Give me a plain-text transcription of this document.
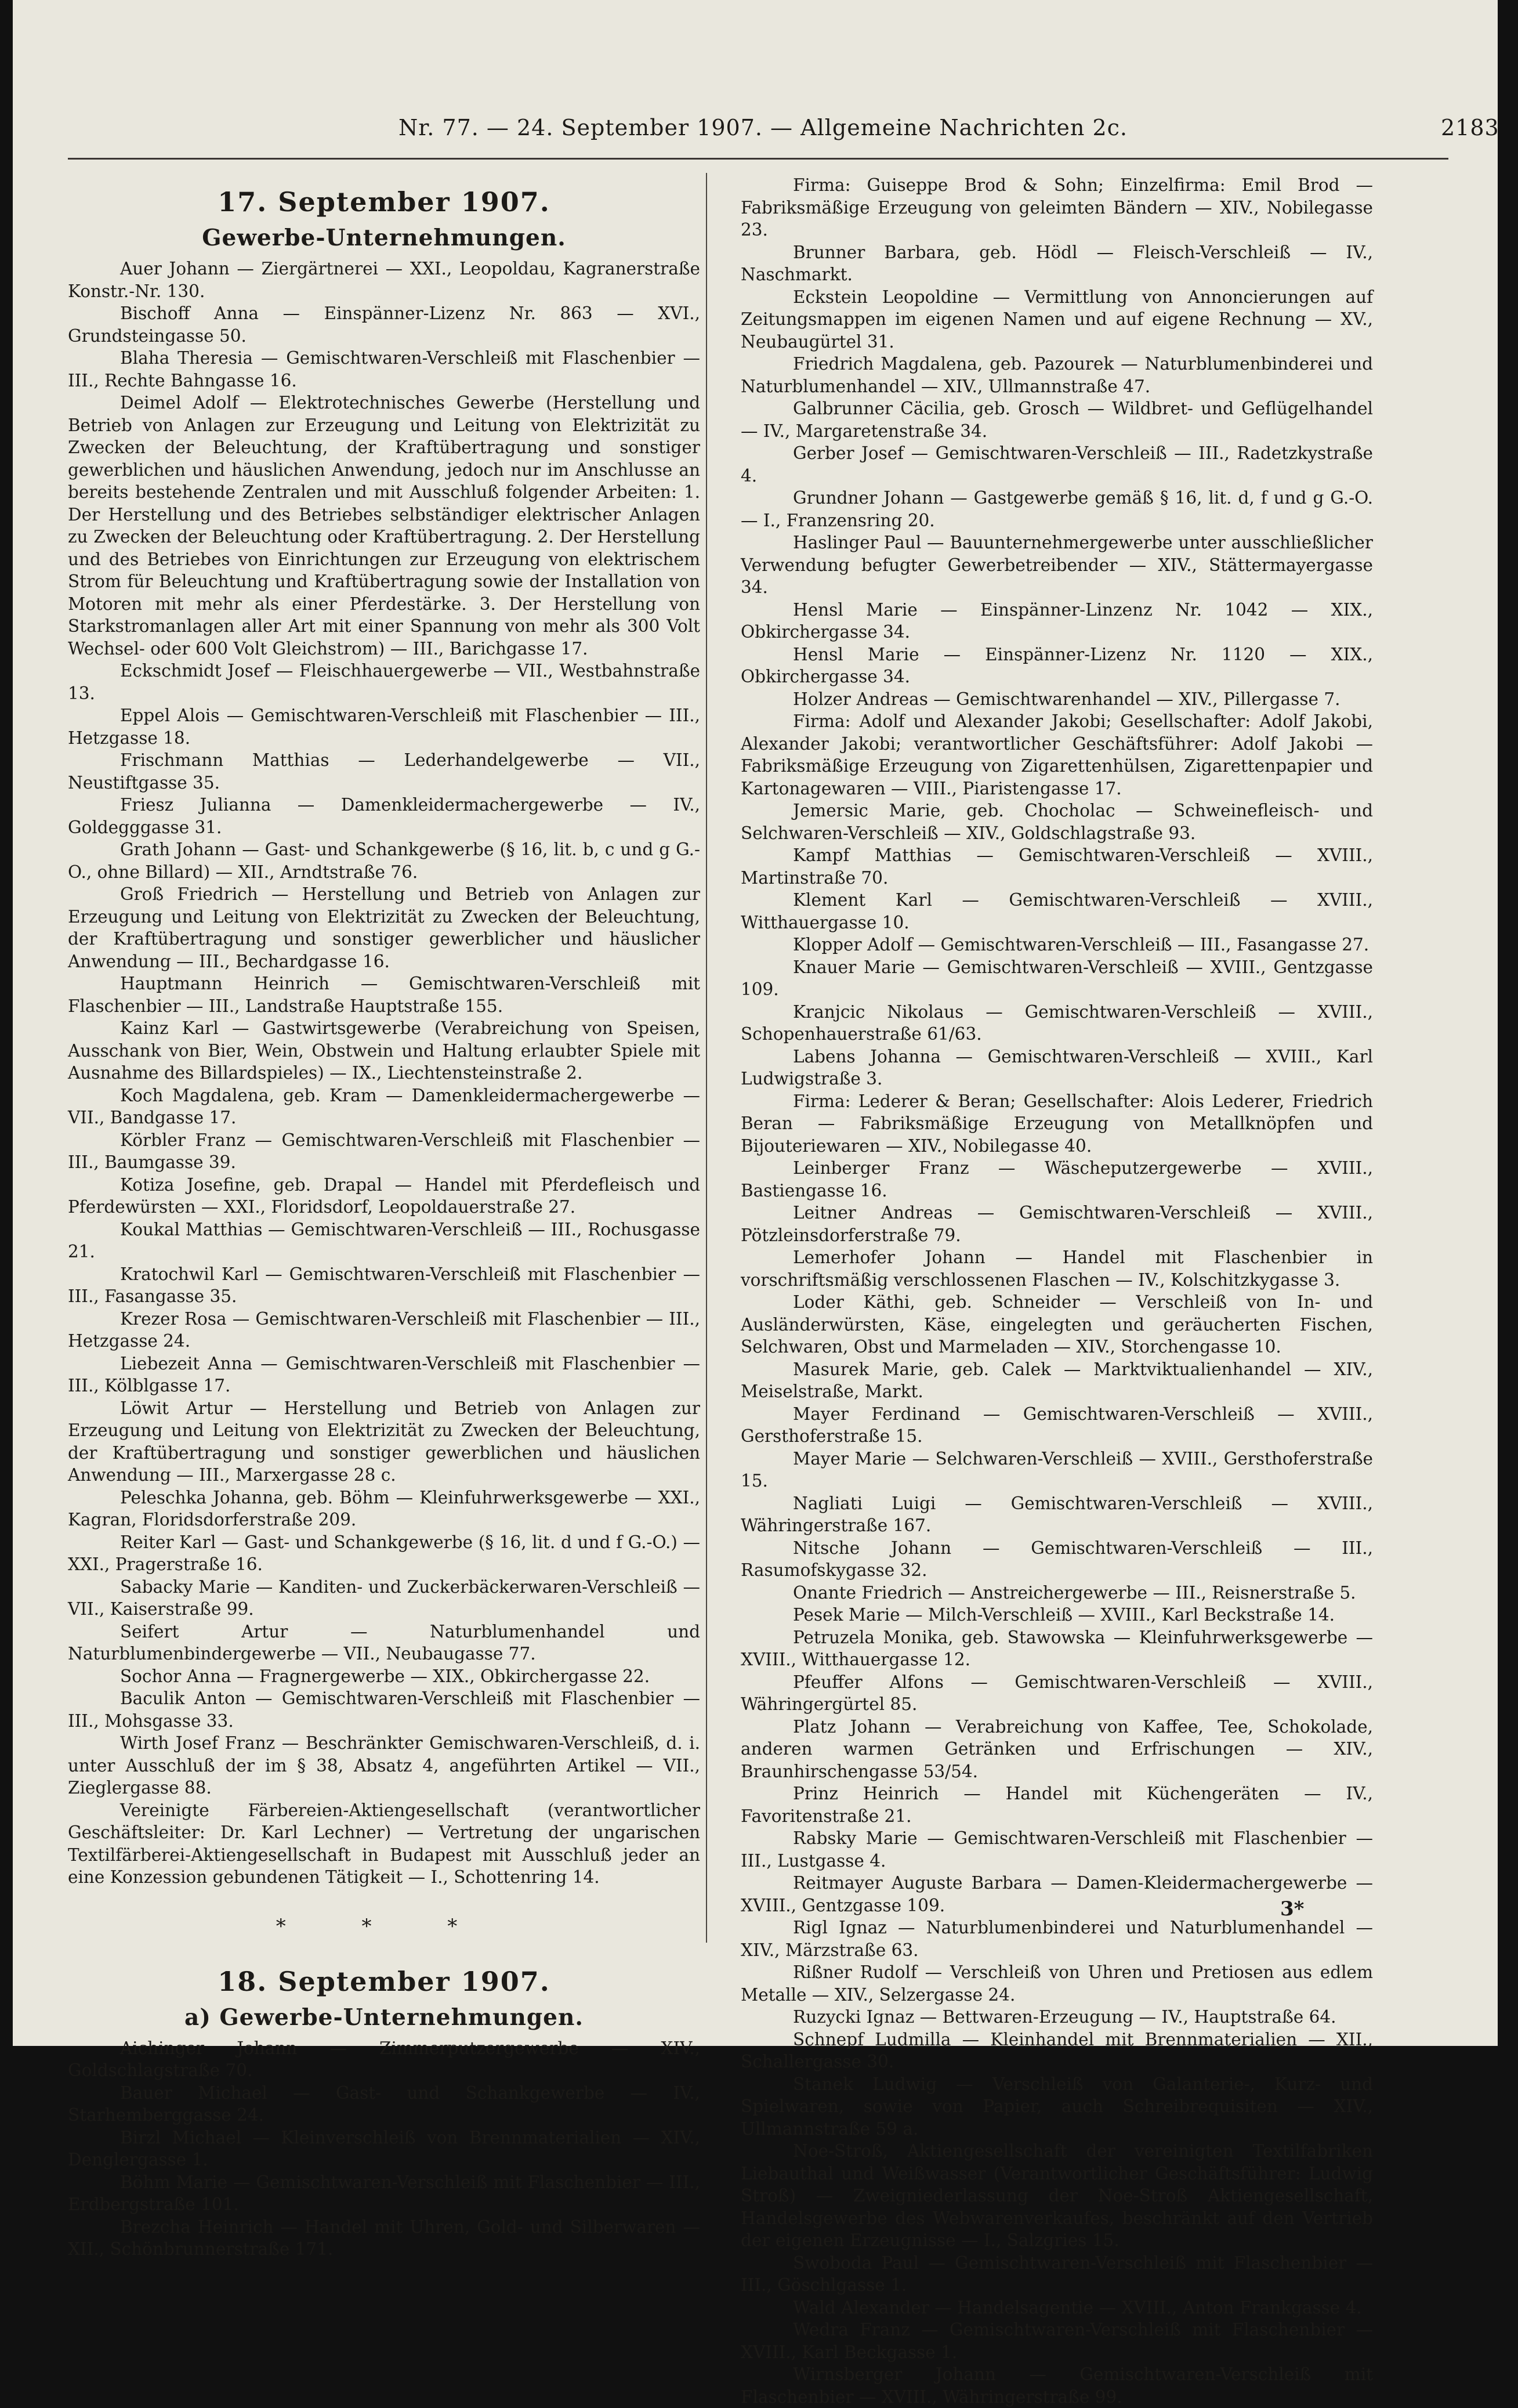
Nr. 77. — 24. September 1907. — Allgemeine Nachrichten 2c.	2183
17. September 1907.
Gewerbe-Unternehmungen.

Auer Johann — Ziergärtnerei — XXI., Leopoldau, Kagranerstraße Konstr.-Nr. 130.

Bischoff Anna — Einspänner-Lizenz Nr. 863 — XVI., Grundsteingasse 50.

Blaha Theresia — Gemischtwaren-Verschleiß mit Flaschenbier — III., Rechte Bahngasse 16.

Deimel Adolf — Elektrotechnisches Gewerbe (Herstellung und Betrieb von Anlagen zur Erzeugung und Leitung von Elektrizität zu Zwecken der Beleuchtung, der Kraftübertragung und sonstiger gewerblichen und häuslichen Anwendung, jedoch nur im Anschlusse an bereits bestehende Zentralen und mit Ausschluß folgender Arbeiten: 1. Der Herstellung und des Betriebes selbständiger elektrischer Anlagen zu Zwecken der Beleuchtung oder Kraftübertragung. 2. Der Herstellung und des Betriebes von Einrichtungen zur Erzeugung von elektrischem Strom für Beleuchtung und Kraftübertragung sowie der Installation von Motoren mit mehr als einer Pferdestärke. 3. Der Herstellung von Starkstromanlagen aller Art mit einer Spannung von mehr als 300 Volt Wechsel- oder 600 Volt Gleichstrom) — III., Barichgasse 17.

Eckschmidt Josef — Fleischhauergewerbe — VII., Westbahnstraße 13.

Eppel Alois — Gemischtwaren-Verschleiß mit Flaschenbier — III., Hetzgasse 18.

Frischmann Matthias — Lederhandelgewerbe — VII., Neustiftgasse 35.

Friesz Julianna — Damenkleidermachergewerbe — IV., Goldegggasse 31.

Grath Johann — Gast- und Schankgewerbe (§ 16, lit. b, c und g G.-O., ohne Billard) — XII., Arndtstraße 76.

Groß Friedrich — Herstellung und Betrieb von Anlagen zur Erzeugung und Leitung von Elektrizität zu Zwecken der Beleuchtung, der Kraftübertragung und sonstiger gewerblicher und häuslicher Anwendung — III., Bechardgasse 16.

Hauptmann Heinrich — Gemischtwaren-Verschleiß mit Flaschenbier — III., Landstraße Hauptstraße 155.

Kainz Karl — Gastwirtsgewerbe (Verabreichung von Speisen, Ausschank von Bier, Wein, Obstwein und Haltung erlaubter Spiele mit Ausnahme des Billardspieles) — IX., Liechtensteinstraße 2.

Koch Magdalena, geb. Kram — Damenkleidermachergewerbe — VII., Bandgasse 17.

Körbler Franz — Gemischtwaren-Verschleiß mit Flaschenbier — III., Baumgasse 39.

Kotiza Josefine, geb. Drapal — Handel mit Pferdefleisch und Pferdewürsten — XXI., Floridsdorf, Leopoldauerstraße 27.

Koukal Matthias — Gemischtwaren-Verschleiß — III., Rochusgasse 21.

Kratochwil Karl — Gemischtwaren-Verschleiß mit Flaschenbier — III., Fasangasse 35.

Krezer Rosa — Gemischtwaren-Verschleiß mit Flaschenbier — III., Hetzgasse 24.

Liebezeit Anna — Gemischtwaren-Verschleiß mit Flaschenbier — III., Kölblgasse 17.

Löwit Artur — Herstellung und Betrieb von Anlagen zur Erzeugung und Leitung von Elektrizität zu Zwecken der Beleuchtung, der Kraftübertragung und sonstiger gewerblichen und häuslichen Anwendung — III., Marxergasse 28 c.

Peleschka Johanna, geb. Böhm — Kleinfuhrwerksgewerbe — XXI., Kagran, Floridsdorferstraße 209.

Reiter Karl — Gast- und Schankgewerbe (§ 16, lit. d und f G.-O.) — XXI., Pragerstraße 16.

Sabacky Marie — Kanditen- und Zuckerbäckerwaren-Verschleiß — VII., Kaiserstraße 99.

Seifert Artur — Naturblumenhandel und Naturblumenbindergewerbe — VII., Neubaugasse 77.

Sochor Anna — Fragnergewerbe — XIX., Obkirchergasse 22.

Baculik Anton — Gemischtwaren-Verschleiß mit Flaschenbier — III., Mohsgasse 33.

Wirth Josef Franz — Beschränkter Gemischwaren-Verschleiß, d. i. unter Ausschluß der im § 38, Absatz 4, angeführten Artikel — VII., Zieglergasse 88.

Vereinigte Färbereien-Aktiengesellschaft (verantwortlicher Geschäftsleiter: Dr. Karl Lechner) — Vertretung der ungarischen Textilfärberei-Aktiengesellschaft in Budapest mit Ausschluß jeder an eine Konzession gebundenen Tätigkeit — I., Schottenring 14.

* * *
18. September 1907.
a) Gewerbe-Unternehmungen.

Aichinger Johann — Zimmerputzergewerbe — XIV., Goldschlagstraße 70.

Bauer Michael — Gast- und Schankgewerbe — IV., Starhemberggasse 24.

Birzl Michael — Kleinverschleiß von Brennmaterialien — XIV., Denglergasse 1.

Böhm Marie — Gemischtwaren-Verschleiß mit Flaschenbier — III., Erdbergstraße 101.

Brezcha Heinrich — Handel mit Uhren, Gold- und Silberwaren — XII., Schönbrunnerstraße 171.

Firma: Guiseppe Brod & Sohn; Einzelfirma: Emil Brod — Fabriksmäßige Erzeugung von geleimten Bändern — XIV., Nobilegasse 23.

Brunner Barbara, geb. Hödl — Fleisch-Verschleiß — IV., Naschmarkt.

Eckstein Leopoldine — Vermittlung von Annoncierungen auf Zeitungsmappen im eigenen Namen und auf eigene Rechnung — XV., Neubaugürtel 31.

Friedrich Magdalena, geb. Pazourek — Naturblumenbinderei und Naturblumenhandel — XIV., Ullmannstraße 47.

Galbrunner Cäcilia, geb. Grosch — Wildbret- und Geflügelhandel — IV., Margaretenstraße 34.

Gerber Josef — Gemischtwaren-Verschleiß — III., Radetzkystraße 4.

Grundner Johann — Gastgewerbe gemäß § 16, lit. d, f und g G.-O. — I., Franzensring 20.

Haslinger Paul — Bauunternehmergewerbe unter ausschließlicher Verwendung befugter Gewerbetreibender — XIV., Stättermayergasse 34.

Hensl Marie — Einspänner-Linzenz Nr. 1042 — XIX., Obkirchergasse 34.

Hensl Marie — Einspänner-Lizenz Nr. 1120 — XIX., Obkirchergasse 34.

Holzer Andreas — Gemischtwarenhandel — XIV., Pillergasse 7.

Firma: Adolf und Alexander Jakobi; Gesellschafter: Adolf Jakobi, Alexander Jakobi; verantwortlicher Geschäftsführer: Adolf Jakobi — Fabriksmäßige Erzeugung von Zigarettenhülsen, Zigarettenpapier und Kartonagewaren — VIII., Piaristengasse 17.

Jemersic Marie, geb. Chocholac — Schweinefleisch- und Selchwaren-Verschleiß — XIV., Goldschlagstraße 93.

Kampf Matthias — Gemischtwaren-Verschleiß — XVIII., Martinstraße 70.

Klement Karl — Gemischtwaren-Verschleiß — XVIII., Witthauergasse 10.

Klopper Adolf — Gemischtwaren-Verschleiß — III., Fasangasse 27.

Knauer Marie — Gemischtwaren-Verschleiß — XVIII., Gentzgasse 109.

Kranjcic Nikolaus — Gemischtwaren-Verschleiß — XVIII., Schopenhauerstraße 61/63.

Labens Johanna — Gemischtwaren-Verschleiß — XVIII., Karl Ludwigstraße 3.

Firma: Lederer & Beran; Gesellschafter: Alois Lederer, Friedrich Beran — Fabriksmäßige Erzeugung von Metallknöpfen und Bijouteriewaren — XIV., Nobilegasse 40.

Leinberger Franz — Wäscheputzergewerbe — XVIII., Bastiengasse 16.

Leitner Andreas — Gemischtwaren-Verschleiß — XVIII., Pötzleinsdorferstraße 79.

Lemerhofer Johann — Handel mit Flaschenbier in vorschriftsmäßig verschlossenen Flaschen — IV., Kolschitzkygasse 3.

Loder Käthi, geb. Schneider — Verschleiß von In- und Ausländerwürsten, Käse, eingelegten und geräucherten Fischen, Selchwaren, Obst und Marmeladen — XIV., Storchengasse 10.

Masurek Marie, geb. Calek — Marktviktualienhandel — XIV., Meiselstraße, Markt.

Mayer Ferdinand — Gemischtwaren-Verschleiß — XVIII., Gersthoferstraße 15.

Mayer Marie — Selchwaren-Verschleiß — XVIII., Gersthoferstraße 15.

Nagliati Luigi — Gemischtwaren-Verschleiß — XVIII., Währingerstraße 167.

Nitsche Johann — Gemischtwaren-Verschleiß — III., Rasumofskygasse 32.

Onante Friedrich — Anstreichergewerbe — III., Reisnerstraße 5.

Pesek Marie — Milch-Verschleiß — XVIII., Karl Beckstraße 14.

Petruzela Monika, geb. Stawowska — Kleinfuhrwerksgewerbe — XVIII., Witthauergasse 12.

Pfeuffer Alfons — Gemischtwaren-Verschleiß — XVIII., Währingergürtel 85.

Platz Johann — Verabreichung von Kaffee, Tee, Schokolade, anderen warmen Getränken und Erfrischungen — XIV., Braunhirschengasse 53/54.

Prinz Heinrich — Handel mit Küchengeräten — IV., Favoritenstraße 21.

Rabsky Marie — Gemischtwaren-Verschleiß mit Flaschenbier — III., Lustgasse 4.

Reitmayer Auguste Barbara — Damen-Kleidermachergewerbe — XVIII., Gentzgasse 109.

Rigl Ignaz — Naturblumenbinderei und Naturblumenhandel — XIV., Märzstraße 63.

Rißner Rudolf — Verschleiß von Uhren und Pretiosen aus edlem Metalle — XIV., Selzergasse 24.

Ruzycki Ignaz — Bettwaren-Erzeugung — IV., Hauptstraße 64.

Schnepf Ludmilla — Kleinhandel mit Brennmaterialien — XII., Schallergasse 30.

Stanek Ludwig — Verschleiß von Galanterie-, Kurz- und Spielwaren, sowie von Papier, auch Schreibrequisiten — XIV., Ullmannstraße 59 a.

Noe-Stroß, Aktiengesellschaft der vereinigten Textilfabriken Liebauthal und Weißwasser (Verantwortlicher Geschäftsführer: Ludwig Stroß) — Zweigniederlassung der Noe-Stroß Aktiengesellschaft, Handelsgewerbe des Webwarenverkaufes, beschränkt auf den Vertrieb der eigenen Erzeugnisse — I., Salzgries 15.

Swoboda Paul — Gemischtwaren-Verschleiß mit Flaschenbier — III., Göschlgasse 1.

Wald Alexander — Handelsagentie — XVIII., Anton Frankgasse 4.

Wedra Franz — Gemischtwaren-Verschleiß mit Flaschenbier — XVIII., Karl Beckgasse 1.

Wirnsberger Johann — Gemischtwaren-Verschleiß mit Flaschenbier — XVIII., Währingerstraße 99.

3*
